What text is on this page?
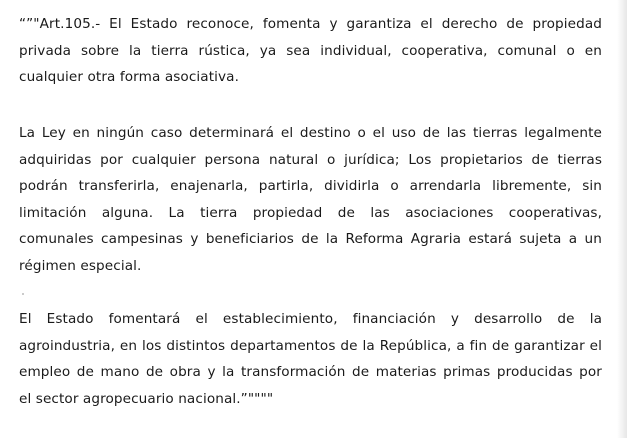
“”"Art.105.- El Estado reconoce, fomenta y garantiza el derecho de propiedad
privada sobre la tierra rústica, ya sea individual, cooperativa, comunal o en
cualquier otra forma asociativa.

La Ley en ningún caso determinará el destino o el uso de las tierras legalmente
adquiridas por cualquier persona natural o jurídica; Los propietarios de tierras
podrán transferirla, enajenarla, partirla, dividirla o arrendarla libremente, sin
limitación alguna. La tierra propiedad de las asociaciones cooperativas,
comunales campesinas y beneficiarios de la Reforma Agraria estará sujeta a un
régimen especial.

El Estado fomentará el establecimiento, financiación y desarrollo de la
agroindustria, en los distintos departamentos de la República, a fin de garantizar el
empleo de mano de obra y la transformación de materias primas producidas por
el sector agropecuario nacional.”""""
